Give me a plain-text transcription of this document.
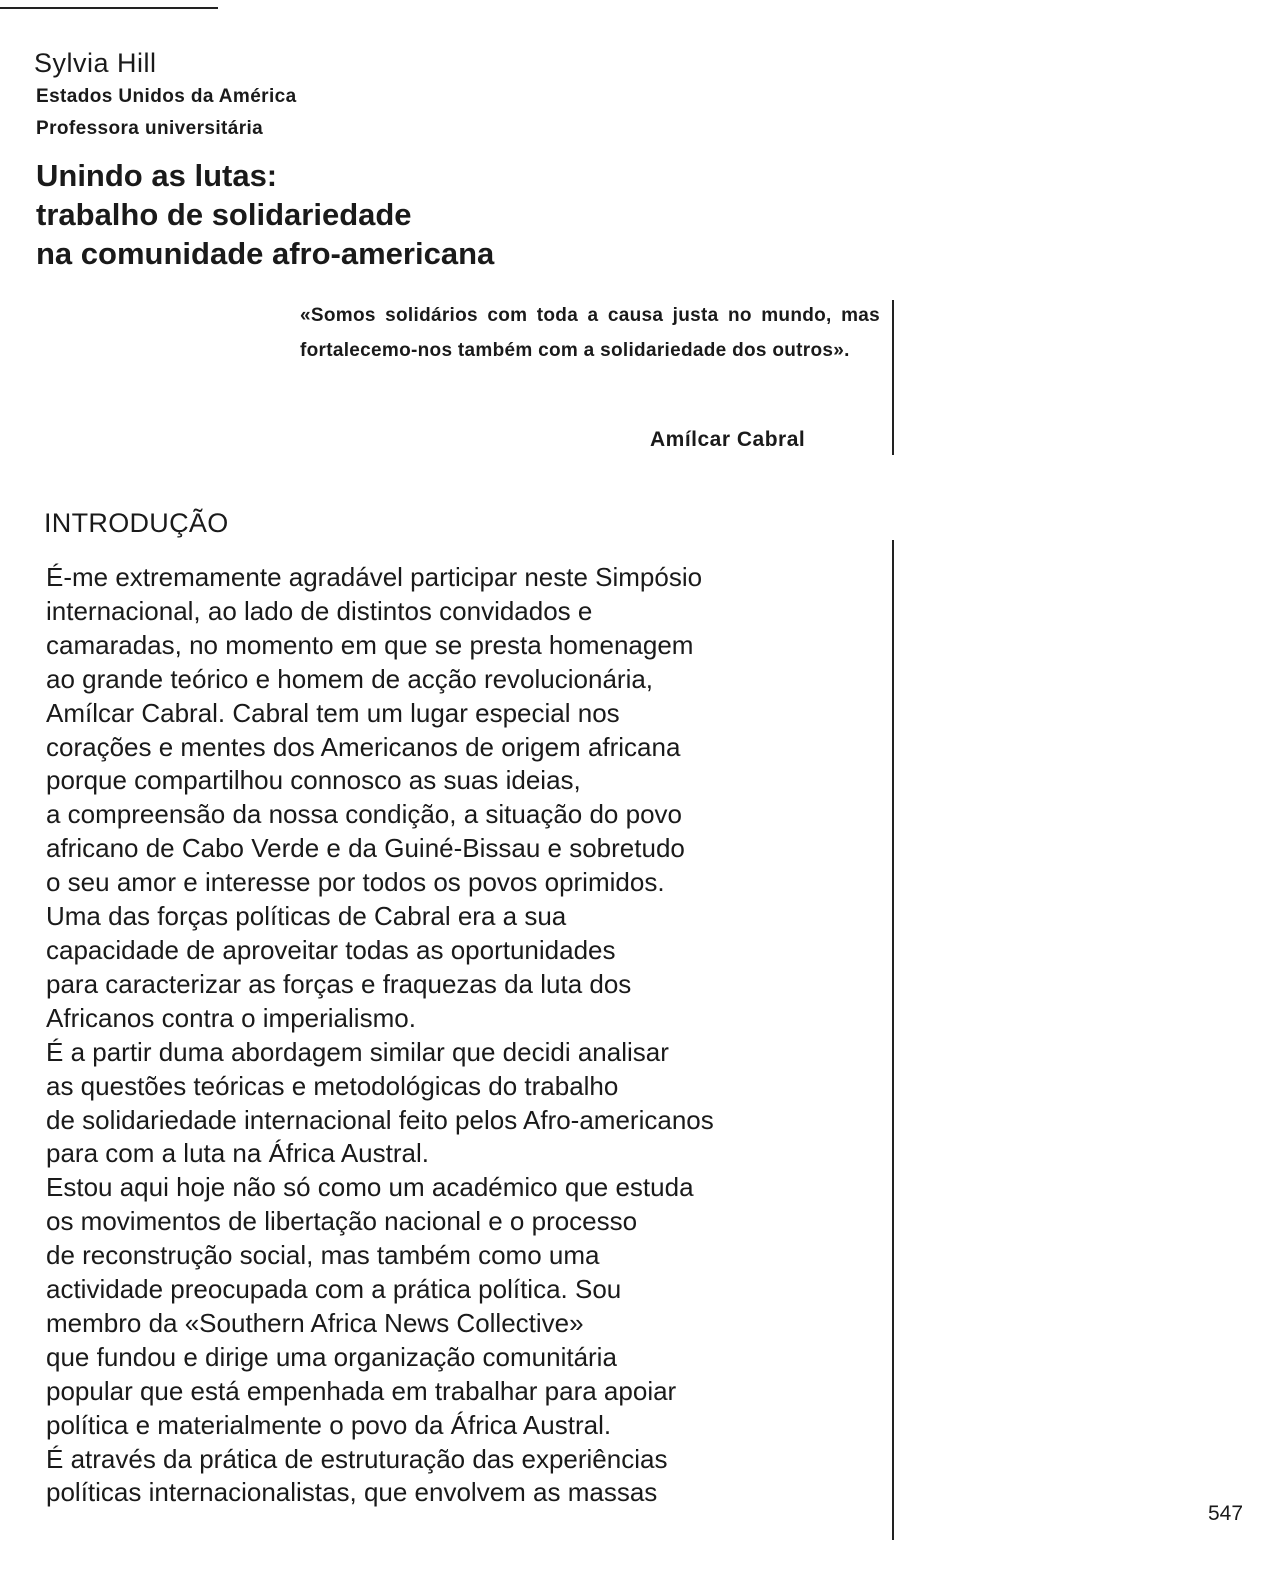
Sylvia Hill
Estados Unidos da América
Professora universitária
Unindo as lutas:
trabalho de solidariedade
na comunidade afro-americana
«Somos solidários com toda a causa justa no mundo, mas fortalecemo-nos também com a solidariedade dos outros».
Amílcar Cabral
INTRODUÇÃO
É-me extremamente agradável participar neste Simpósio
internacional, ao lado de distintos convidados e
camaradas, no momento em que se presta homenagem
ao grande teórico e homem de acção revolucionária,
Amílcar Cabral. Cabral tem um lugar especial nos
corações e mentes dos Americanos de origem africana
porque compartilhou connosco as suas ideias,
a compreensão da nossa condição, a situação do povo
africano de Cabo Verde e da Guiné-Bissau e sobretudo
o seu amor e interesse por todos os povos oprimidos.
Uma das forças políticas de Cabral era a sua
capacidade de aproveitar todas as oportunidades
para caracterizar as forças e fraquezas da luta dos
Africanos contra o imperialismo.
É a partir duma abordagem similar que decidi analisar
as questões teóricas e metodológicas do trabalho
de solidariedade internacional feito pelos Afro-americanos
para com a luta na África Austral.
Estou aqui hoje não só como um académico que estuda
os movimentos de libertação nacional e o processo
de reconstrução social, mas também como uma
actividade preocupada com a prática política. Sou
membro da «Southern Africa News Collective»
que fundou e dirige uma organização comunitária
popular que está empenhada em trabalhar para apoiar
política e materialmente o povo da África Austral.
É através da prática de estruturação das experiências
políticas internacionalistas, que envolvem as massas
547
